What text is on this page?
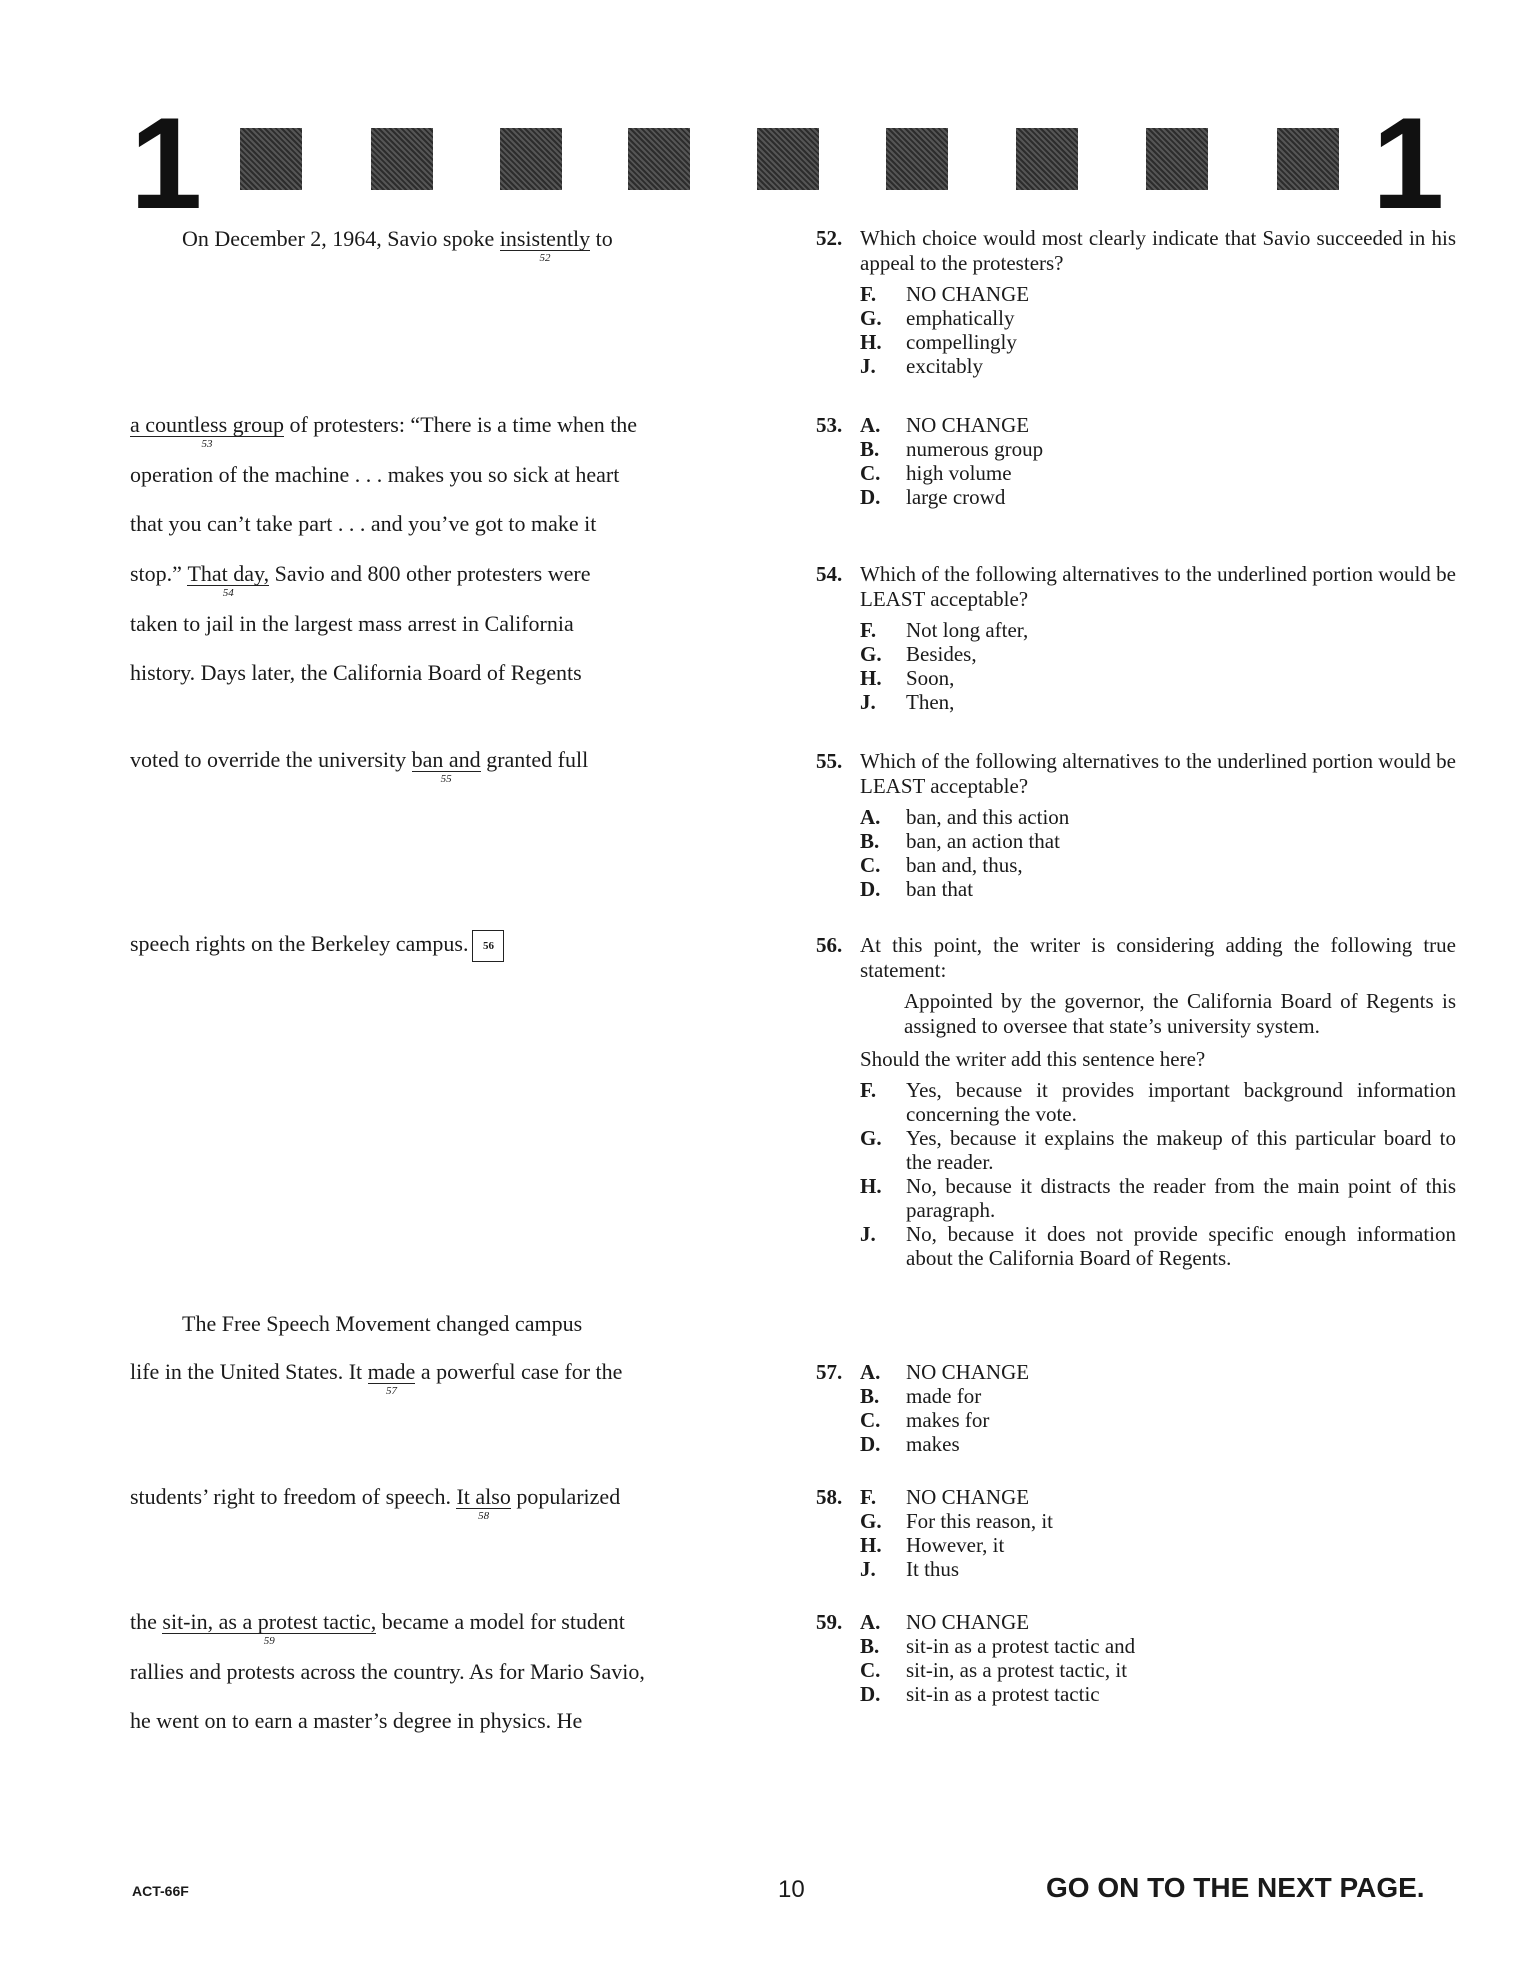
1	1
On December 2, 1964, Savio spoke insistently
52
to
a countless group
53
of protesters: “There is a time when the
operation of the machine . . . makes you so sick at heart
that you can’t take part . . . and you’ve got to make it
stop.” That day,
54
Savio and 800 other protesters were
taken to jail in the largest mass arrest in California
history. Days later, the California Board of Regents
voted to override the university ban and
55
granted full
speech rights on the Berkeley campus. 56
The Free Speech Movement changed campus
life in the United States. It made
57
a powerful case for the
students’ right to freedom of speech. It also
58
popularized
the sit-in, as a protest tactic,
59
became a model for student
rallies and protests across the country. As for Mario Savio,
he went on to earn a master’s degree in physics. He
52. Which choice would most clearly indicate that Savio succeeded in his appeal to the protesters?
F.	NO CHANGE
G.	emphatically
H.	compellingly
J.	excitably
53. A.	NO CHANGE
B.	numerous group
C.	high volume
D.	large crowd
54. Which of the following alternatives to the underlined portion would be LEAST acceptable?
F.	Not long after,
G.	Besides,
H.	Soon,
J.	Then,
55. Which of the following alternatives to the underlined portion would be LEAST acceptable?
A.	ban, and this action
B.	ban, an action that
C.	ban and, thus,
D.	ban that
56. At this point, the writer is considering adding the following true statement:
Appointed by the governor, the California Board of Regents is assigned to oversee that state’s university system.
Should the writer add this sentence here?
F.	Yes, because it provides important background information concerning the vote.
G.	Yes, because it explains the makeup of this particular board to the reader.
H.	No, because it distracts the reader from the main point of this paragraph.
J.	No, because it does not provide specific enough information about the California Board of Regents.
57. A.	NO CHANGE
B.	made for
C.	makes for
D.	makes
58. F.	NO CHANGE
G.	For this reason, it
H.	However, it
J.	It thus
59. A.	NO CHANGE
B.	sit-in as a protest tactic and
C.	sit-in, as a protest tactic, it
D.	sit-in as a protest tactic
ACT-66F	10	GO ON TO THE NEXT PAGE.
